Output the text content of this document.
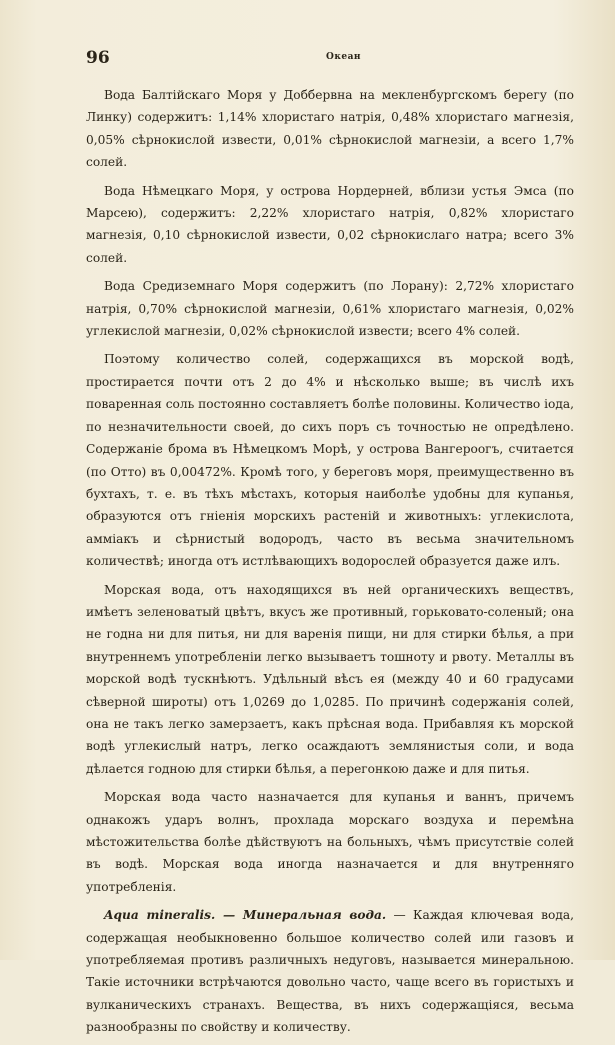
96	Океан

Вода Балтійскаго Моря у Доббервна на мекленбургскомъ берегу (по Линку) содержитъ: 1,14% хлористаго натрія, 0,48% хлористаго магнезія, 0,05% сѣрнокислой извести, 0,01% сѣрнокислой магнезіи, а всего 1,7% солей.

Вода Нѣмецкаго Моря, у острова Нордерней, вблизи устья Эмса (по Марсею), содержитъ: 2,22% хлористаго натрія, 0,82% хлористаго магнезія, 0,10 сѣрнокислой извести, 0,02 сѣрнокислаго натра; всего 3% солей.

Вода Средиземнаго Моря содержитъ (по Лорану): 2,72% хлористаго натрія, 0,70% сѣрнокислой магнезіи, 0,61% хлористаго магнезія, 0,02% углекислой магнезіи, 0,02% сѣрнокислой извести; всего 4% солей.

Поэтому количество солей, содержащихся въ морской водѣ, простирается почти отъ 2 до 4% и нѣсколько выше; въ числѣ ихъ поваренная соль постоянно составляетъ болѣе половины. Количество іода, по незначительности своей, до сихъ поръ съ точностью не опредѣлено. Содержаніе брома въ Нѣмецкомъ Морѣ, у острова Вангероогъ, считается (по Отто) въ 0,00472%. Кромѣ того, у береговъ моря, преимущественно въ бухтахъ, т. е. въ тѣхъ мѣстахъ, которыя наиболѣе удобны для купанья, образуются отъ гніенія морскихъ растеній и животныхъ: углекислота, аммiакъ и сѣрнистый водородъ, часто въ весьма значительномъ количествѣ; иногда отъ истлѣвающихъ водорослей образуется даже илъ.

Морская вода, отъ находящихся въ ней органическихъ веществъ, имѣетъ зеленоватый цвѣтъ, вкусъ же противный, горьковато-соленый; она не годна ни для питья, ни для варенія пищи, ни для стирки бѣлья, а при внутреннемъ употребленіи легко вызываетъ тошноту и рвоту. Металлы въ морской водѣ тускнѣютъ. Удѣльный вѣсъ ея (между 40 и 60 градусами сѣверной широты) отъ 1,0269 до 1,0285. По причинѣ содержанія солей, она не такъ легко замерзаетъ, какъ прѣсная вода. Прибавляя къ морской водѣ углекислый натръ, легко осаждаютъ землянистыя соли, и вода дѣлается годною для стирки бѣлья, а перегонкою даже и для питья.

Морская вода часто назначается для купанья и ваннъ, причемъ однакожъ ударъ волнъ, прохлада морскаго воздуха и перемѣна мѣстожительства болѣе дѣйствуютъ на больныхъ, чѣмъ присутствіе солей въ водѣ. Морская вода иногда назначается и для внутренняго употребленія.

Aqua mineralis. — Минеральная вода. — Каждая ключевая вода, содержащая необыкновенно большое количество солей или газовъ и употребляемая противъ различныхъ недуговъ, называется минеральною. Такіе источники встрѣчаются довольно часто, чаще всего въ гористыхъ и вулканическихъ странахъ. Вещества, въ нихъ содержащіяся, весьма разнообразны по свойству и количеству.
